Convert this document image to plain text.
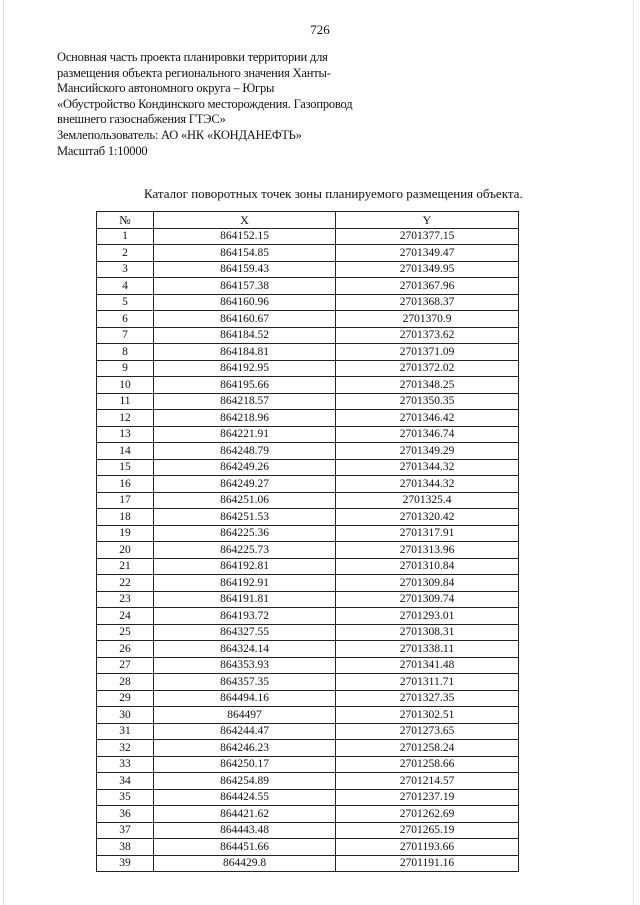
726
Основная часть проекта планировки территории для
размещения объекта регионального значения Ханты-
Мансийского автономного округа – Югры
«Обустройство Кондинского месторождения. Газопровод
внешнего газоснабжения ГТЭС»
Землепользователь: АО «НК «КОНДАНЕФТЬ»
Масштаб 1:10000
Каталог поворотных точек зоны планируемого размещения объекта.
№	X	Y
1	864152.15	2701377.15
2	864154.85	2701349.47
3	864159.43	2701349.95
4	864157.38	2701367.96
5	864160.96	2701368.37
6	864160.67	2701370.9
7	864184.52	2701373.62
8	864184.81	2701371.09
9	864192.95	2701372.02
10	864195.66	2701348.25
11	864218.57	2701350.35
12	864218.96	2701346.42
13	864221.91	2701346.74
14	864248.79	2701349.29
15	864249.26	2701344.32
16	864249.27	2701344.32
17	864251.06	2701325.4
18	864251.53	2701320.42
19	864225.36	2701317.91
20	864225.73	2701313.96
21	864192.81	2701310.84
22	864192.91	2701309.84
23	864191.81	2701309.74
24	864193.72	2701293.01
25	864327.55	2701308.31
26	864324.14	2701338.11
27	864353.93	2701341.48
28	864357.35	2701311.71
29	864494.16	2701327.35
30	864497	2701302.51
31	864244.47	2701273.65
32	864246.23	2701258.24
33	864250.17	2701258.66
34	864254.89	2701214.57
35	864424.55	2701237.19
36	864421.62	2701262.69
37	864443.48	2701265.19
38	864451.66	2701193.66
39	864429.8	2701191.16
